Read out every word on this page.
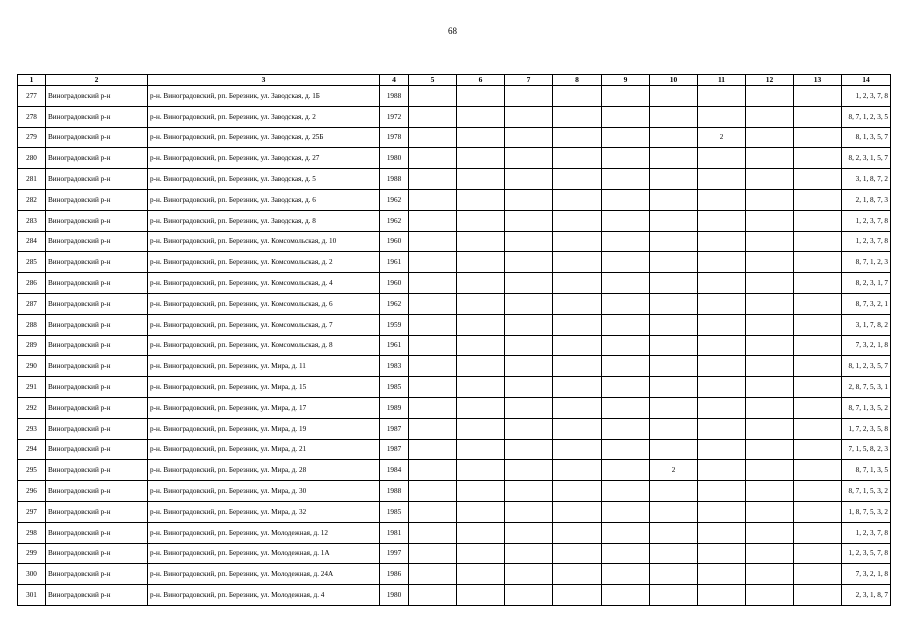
68
1	2	3	4	5	6	7	8	9	10	11	12	13	14
277	Виноградовский р-н	р-н. Виноградовский, рп. Березник, ул. Заводская, д. 1Б	1988										1, 2, 3, 7, 8
278	Виноградовский р-н	р-н. Виноградовский, рп. Березник, ул. Заводская, д. 2	1972										8, 7, 1, 2, 3, 5
279	Виноградовский р-н	р-н. Виноградовский, рп. Березник, ул. Заводская, д. 25Б	1978							2			8, 1, 3, 5, 7
280	Виноградовский р-н	р-н. Виноградовский, рп. Березник, ул. Заводская, д. 27	1980										8, 2, 3, 1, 5, 7
281	Виноградовский р-н	р-н. Виноградовский, рп. Березник, ул. Заводская, д. 5	1988										3, 1, 8, 7, 2
282	Виноградовский р-н	р-н. Виноградовский, рп. Березник, ул. Заводская, д. 6	1962										2, 1, 8, 7, 3
283	Виноградовский р-н	р-н. Виноградовский, рп. Березник, ул. Заводская, д. 8	1962										1, 2, 3, 7, 8
284	Виноградовский р-н	р-н. Виноградовский, рп. Березник, ул. Комсомольская, д. 10	1960										1, 2, 3, 7, 8
285	Виноградовский р-н	р-н. Виноградовский, рп. Березник, ул. Комсомольская, д. 2	1961										8, 7, 1, 2, 3
286	Виноградовский р-н	р-н. Виноградовский, рп. Березник, ул. Комсомольская, д. 4	1960										8, 2, 3, 1, 7
287	Виноградовский р-н	р-н. Виноградовский, рп. Березник, ул. Комсомольская, д. 6	1962										8, 7, 3, 2, 1
288	Виноградовский р-н	р-н. Виноградовский, рп. Березник, ул. Комсомольская, д. 7	1959										3, 1, 7, 8, 2
289	Виноградовский р-н	р-н. Виноградовский, рп. Березник, ул. Комсомольская, д. 8	1961										7, 3, 2, 1, 8
290	Виноградовский р-н	р-н. Виноградовский, рп. Березник, ул. Мира, д. 11	1983										8, 1, 2, 3, 5, 7
291	Виноградовский р-н	р-н. Виноградовский, рп. Березник, ул. Мира, д. 15	1985										2, 8, 7, 5, 3, 1
292	Виноградовский р-н	р-н. Виноградовский, рп. Березник, ул. Мира, д. 17	1989										8, 7, 1, 3, 5, 2
293	Виноградовский р-н	р-н. Виноградовский, рп. Березник, ул. Мира, д. 19	1987										1, 7, 2, 3, 5, 8
294	Виноградовский р-н	р-н. Виноградовский, рп. Березник, ул. Мира, д. 21	1987										7, 1, 5, 8, 2, 3
295	Виноградовский р-н	р-н. Виноградовский, рп. Березник, ул. Мира, д. 28	1984						2				8, 7, 1, 3, 5
296	Виноградовский р-н	р-н. Виноградовский, рп. Березник, ул. Мира, д. 30	1988										8, 7, 1, 5, 3, 2
297	Виноградовский р-н	р-н. Виноградовский, рп. Березник, ул. Мира, д. 32	1985										1, 8, 7, 5, 3, 2
298	Виноградовский р-н	р-н. Виноградовский, рп. Березник, ул. Молодежная, д. 12	1981										1, 2, 3, 7, 8
299	Виноградовский р-н	р-н. Виноградовский, рп. Березник, ул. Молодежная, д. 1А	1997										1, 2, 3, 5, 7, 8
300	Виноградовский р-н	р-н. Виноградовский, рп. Березник, ул. Молодежная, д. 24А	1986										7, 3, 2, 1, 8
301	Виноградовский р-н	р-н. Виноградовский, рп. Березник, ул. Молодежная, д. 4	1980										2, 3, 1, 8, 7
